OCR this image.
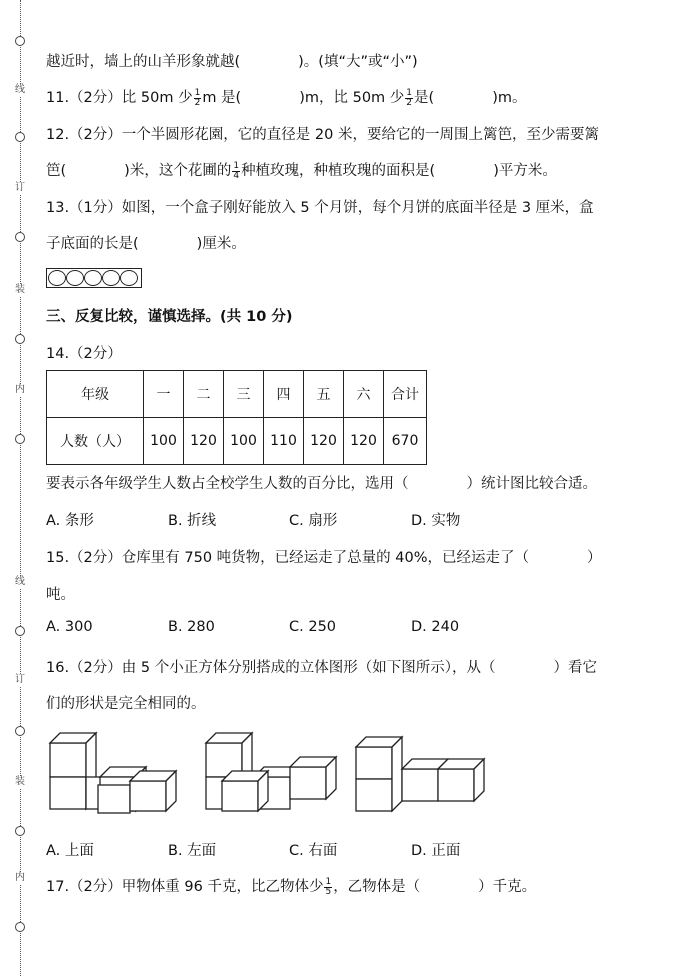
线
订
装
内
线
订
装
内
越近时，墙上的山羊形象就越(　　　　)。(填“大”或“小”)
11.（2分）比 50m 少 $\frac{1}{2}$ m 是(　　　　)m，比 50m 少 $\frac{1}{2}$ 是(　　　　)m。
12.（2分）一个半圆形花園，它的直径是 20 米，要给它的一周围上篱笆，至少需要篱
笆(　　　　)米，这个花圃的 $\frac{1}{4}$ 种植玫瑰，种植玫瑰的面积是(　　　　)平方米。
13.（1分）如图，一个盒子刚好能放入 5 个月饼，每个月饼的底面半径是 3 厘米，盒
子底面的长是(　　　　)厘米。
三、反复比较，谨慎选择。(共 10 分)
14.（2分）
年级	一	二	三	四	五	六	合计
人数（人）	100	120	100	110	120	120	670
要表示各年级学生人数占全校学生人数的百分比，选用（　　　　）统计图比较合适。
A. 条形	B. 折线	C. 扇形	D. 实物
15.（2分）仓库里有 750 吨货物，已经运走了总量的 40%，已经运走了（　　　　）
吨。
A. 300	B. 280	C. 250	D. 240
16.（2分）由 5 个小正方体分别搭成的立体图形（如下图所示），从（　　　　）看它
们的形状是完全相同的。
A. 上面	B. 左面	C. 右面	D. 正面
17.（2分）甲物体重 96 千克，比乙物体少 $\frac{1}{5}$ ，乙物体是（　　　　）千克。
